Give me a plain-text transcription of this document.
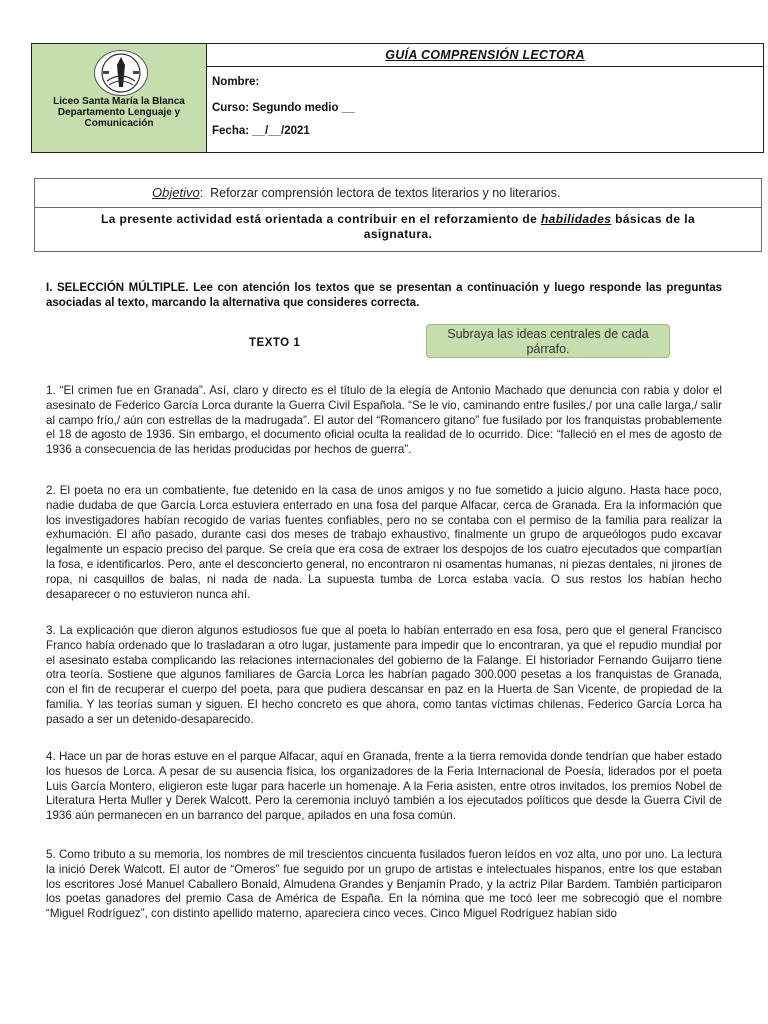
Liceo Santa María la Blanca Departamento Lenguaje y Comunicación
GUÍA COMPRENSIÓN LECTORA
Nombre:
Curso: Segundo medio __
Fecha: __/__/2021
Objetivo: Reforzar comprensión lectora de textos literarios y no literarios.
La presente actividad está orientada a contribuir en el reforzamiento de habilidades básicas de la asignatura.
I. SELECCIÓN MÚLTIPLE. Lee con atención los textos que se presentan a continuación y luego responde las preguntas asociadas al texto, marcando la alternativa que consideres correcta.
TEXTO 1
Subraya las ideas centrales de cada párrafo.
1. “El crimen fue en Granada”. Así, claro y directo es el título de la elegía de Antonio Machado que denuncia con rabia y dolor el asesinato de Federico García Lorca durante la Guerra Civil Española. “Se le vio, caminando entre fusiles,/ por una calle larga,/ salir al campo frío,/ aún con estrellas de la madrugada”. El autor del “Romancero gitano” fue fusilado por los franquistas probablemente el 18 de agosto de 1936. Sin embargo, el documento oficial oculta la realidad de lo ocurrido. Dice: “falleció en el mes de agosto de 1936 a consecuencia de las heridas producidas por hechos de guerra”.
2. El poeta no era un combatiente, fue detenido en la casa de unos amigos y no fue sometido a juicio alguno. Hasta hace poco, nadie dudaba de que García Lorca estuviera enterrado en una fosa del parque Alfacar, cerca de Granada. Era la información que los investigadores habían recogido de varias fuentes confiables, pero no se contaba con el permiso de la familia para realizar la exhumación. El año pasado, durante casi dos meses de trabajo exhaustivo, finalmente un grupo de arqueólogos pudo excavar legalmente un espacio preciso del parque. Se creía que era cosa de extraer los despojos de los cuatro ejecutados que compartían la fosa, e identificarlos. Pero, ante el desconcierto general, no encontraron ni osamentas humanas, ni piezas dentales, ni jirones de ropa, ni casquillos de balas, ni nada de nada. La supuesta tumba de Lorca estaba vacía. O sus restos los habían hecho desaparecer o no estuvieron nunca ahí.
3. La explicación que dieron algunos estudiosos fue que al poeta lo habían enterrado en esa fosa, pero que el general Francisco Franco había ordenado que lo trasladaran a otro lugar, justamente para impedir que lo encontraran, ya que el repudio mundial por el asesinato estaba complicando las relaciones internacionales del gobierno de la Falange. El historiador Fernando Guijarro tiene otra teoría. Sostiene que algunos familiares de García Lorca les habrían pagado 300.000 pesetas a los franquistas de Granada, con el fin de recuperar el cuerpo del poeta, para que pudiera descansar en paz en la Huerta de San Vicente, de propiedad de la familia. Y las teorías suman y siguen. El hecho concreto es que ahora, como tantas víctimas chilenas, Federico García Lorca ha pasado a ser un detenido-desaparecido.
4. Hace un par de horas estuve en el parque Alfacar, aquí en Granada, frente a la tierra removida donde tendrían que haber estado los huesos de Lorca. A pesar de su ausencia física, los organizadores de la Feria Internacional de Poesía, liderados por el poeta Luis García Montero, eligieron este lugar para hacerle un homenaje. A la Feria asisten, entre otros invitados, los premios Nobel de Literatura Herta Muller y Derek Walcott. Pero la ceremonia incluyó también a los ejecutados políticos que desde la Guerra Civil de 1936 aún permanecen en un barranco del parque, apilados en una fosa común.
5. Como tributo a su memoria, los nombres de mil trescientos cincuenta fusilados fueron leídos en voz alta, uno por uno. La lectura la inició Derek Walcott. El autor de “Omeros” fue seguido por un grupo de artistas e intelectuales hispanos, entre los que estaban los escritores José Manuel Caballero Bonald, Almudena Grandes y Benjamín Prado, y la actriz Pilar Bardem. También participaron los poetas ganadores del premio Casa de América de España. En la nómina que me tocó leer me sobrecogió que el nombre “Miguel Rodríguez”, con distinto apellido materno, apareciera cinco veces. Cinco Miguel Rodríguez habían sido
